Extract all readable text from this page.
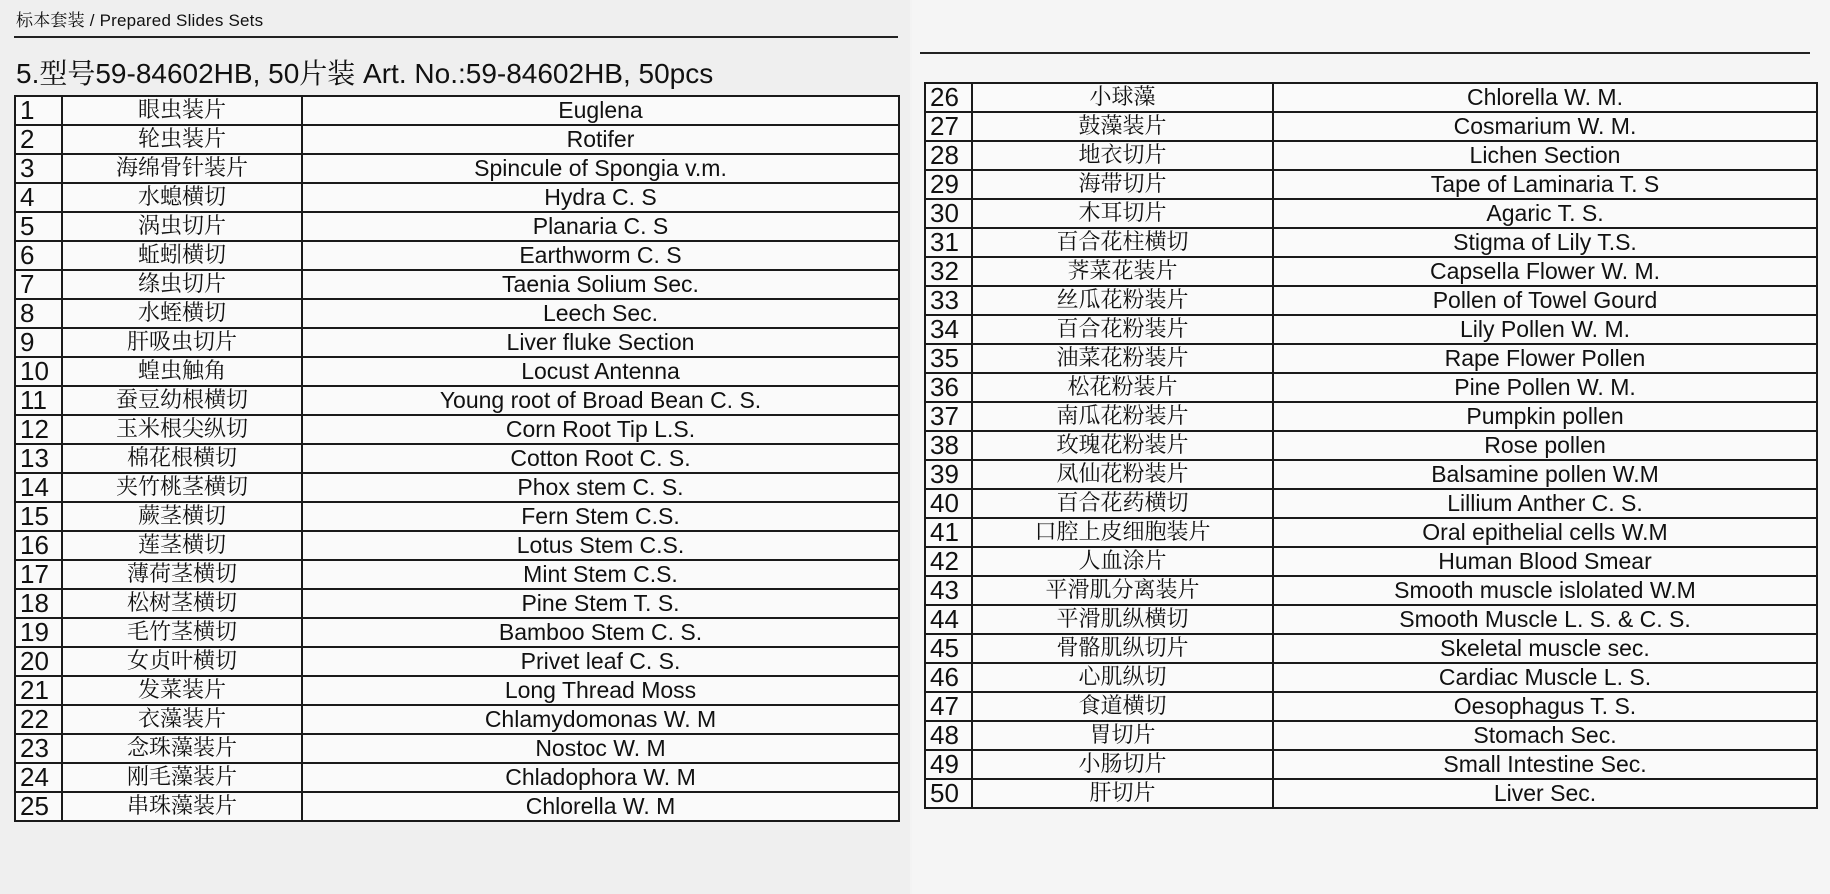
标本套装 / Prepared Slides Sets
5.型号59-84602HB, 50片装 Art. No.:59-84602HB, 50pcs
1	眼虫装片	Euglena
2	轮虫装片	Rotifer
3	海绵骨针装片	Spincule of Spongia v.m.
4	水螅横切	Hydra C. S
5	涡虫切片	Planaria C. S
6	蚯蚓横切	Earthworm C. S
7	绦虫切片	Taenia Solium Sec.
8	水蛭横切	Leech Sec.
9	肝吸虫切片	Liver fluke Section
10	蝗虫触角	Locust Antenna
11	蚕豆幼根横切	Young root of Broad Bean C. S.
12	玉米根尖纵切	Corn Root Tip L.S.
13	棉花根横切	Cotton Root C. S.
14	夹竹桃茎横切	Phox stem C. S.
15	蕨茎横切	Fern Stem C.S.
16	莲茎横切	Lotus Stem C.S.
17	薄荷茎横切	Mint Stem C.S.
18	松树茎横切	Pine Stem T. S.
19	毛竹茎横切	Bamboo Stem C. S.
20	女贞叶横切	Privet leaf C. S.
21	发菜装片	Long Thread Moss
22	衣藻装片	Chlamydomonas W. M
23	念珠藻装片	Nostoc W. M
24	刚毛藻装片	Chladophora W. M
25	串珠藻装片	Chlorella W. M
26	小球藻	Chlorella W. M.
27	鼓藻装片	Cosmarium W. M.
28	地衣切片	Lichen Section
29	海带切片	Tape of Laminaria T. S
30	木耳切片	Agaric T. S.
31	百合花柱横切	Stigma of Lily T.S.
32	荠菜花装片	Capsella Flower W. M.
33	丝瓜花粉装片	Pollen of Towel Gourd
34	百合花粉装片	Lily Pollen W. M.
35	油菜花粉装片	Rape Flower Pollen
36	松花粉装片	Pine Pollen W. M.
37	南瓜花粉装片	Pumpkin pollen
38	玫瑰花粉装片	Rose pollen
39	凤仙花粉装片	Balsamine pollen W.M
40	百合花药横切	Lillium Anther C. S.
41	口腔上皮细胞装片	Oral epithelial cells W.M
42	人血涂片	Human Blood Smear
43	平滑肌分离装片	Smooth muscle islolated W.M
44	平滑肌纵横切	Smooth Muscle L. S. & C. S.
45	骨骼肌纵切片	Skeletal muscle sec.
46	心肌纵切	Cardiac Muscle L. S.
47	食道横切	Oesophagus T. S.
48	胃切片	Stomach Sec.
49	小肠切片	Small Intestine Sec.
50	肝切片	Liver Sec.
